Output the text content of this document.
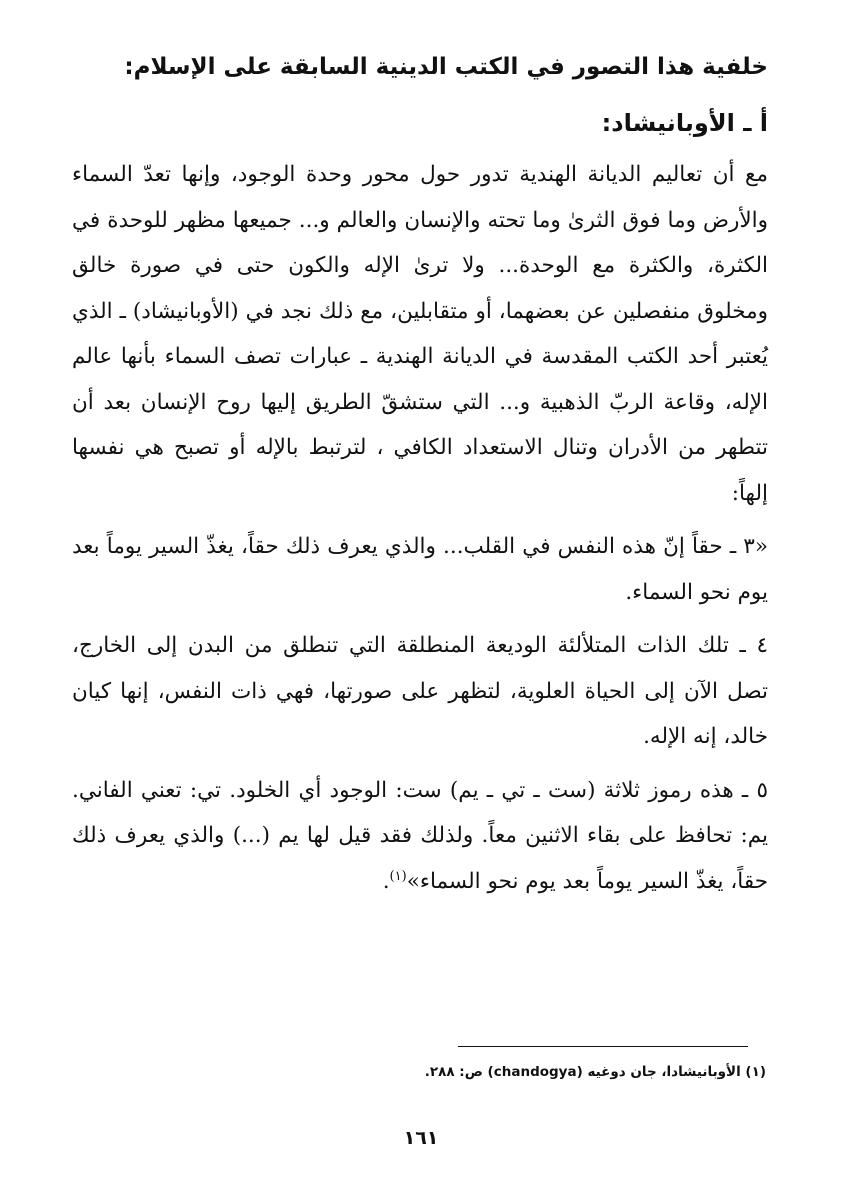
خلفية هذا التصور في الكتب الدينية السابقة على الإسلام:
أ ـ الأوبانيشاد:

مع أن تعاليم الديانة الهندية تدور حول محور وحدة الوجود، وإنها تعدّ السماء والأرض وما فوق الثرىٰ وما تحته والإنسان والعالم و... جميعها مظهر للوحدة في الكثرة، والكثرة مع الوحدة... ولا ترىٰ الإله والكون حتى في صورة خالق ومخلوق منفصلين عن بعضهما، أو متقابلين، مع ذلك نجد في (الأوبانيشاد) ـ الذي يُعتبر أحد الكتب المقدسة في الديانة الهندية ـ عبارات تصف السماء بأنها عالم الإله، وقاعة الربّ الذهبية و... التي ستشقّ الطريق إليها روح الإنسان بعد أن تتطهر من الأدران وتنال الاستعداد الكافي ، لترتبط بالإله أو تصبح هي نفسها إلهاً:

«٣ ـ حقاً إنّ هذه النفس في القلب... والذي يعرف ذلك حقاً، يغذّ السير يوماً بعد يوم نحو السماء.

٤ ـ تلك الذات المتلألئة الوديعة المنطلقة التي تنطلق من البدن إلى الخارج، تصل الآن إلى الحياة العلوية، لتظهر على صورتها، فهي ذات النفس، إنها كيان خالد، إنه الإله.

٥ ـ هذه رموز ثلاثة (ست ـ تي ـ يم) ست: الوجود أي الخلود. تي: تعني الفاني. يم: تحافظ على بقاء الاثنين معاً. ولذلك فقد قيل لها يم (...) والذي يعرف ذلك حقاً، يغذّ السير يوماً بعد يوم نحو السماء»$^{(١)}$.

(١) الأوبانيشادا، جان دوغيه (chandogya) ص: ٢٨٨.
١٦١
